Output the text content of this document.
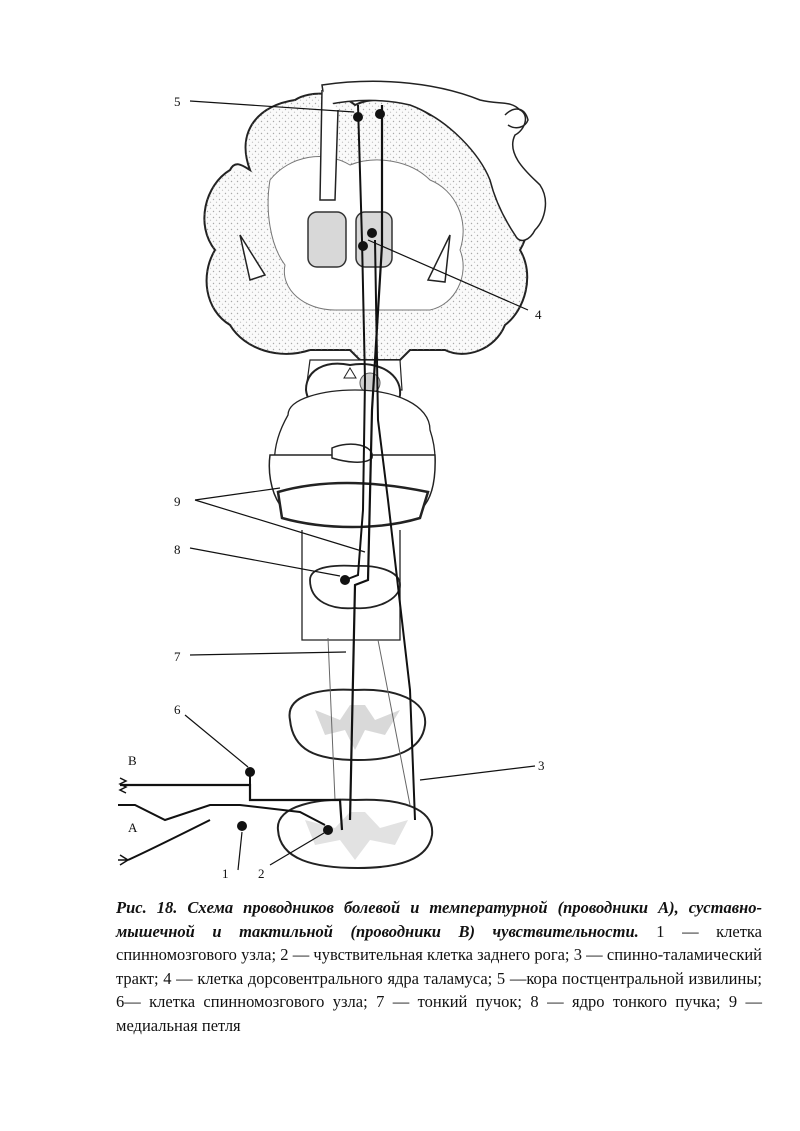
5
4
9
8
7
6
3
B
A
1 2
Рис. 18. Схема проводников болевой и температурной (проводники А), суставно-мышечной и тактильной (проводники В) чувствительности. 1 — клетка спинномозгового узла; 2 — чувствительная клетка заднего рога; 3 — спинно-таламический тракт; 4 — клетка дорсовентрального ядра таламуса; 5 —кора постцентральной извилины; 6— клетка спинномозгового узла; 7 — тонкий пучок; 8 — ядро тонкого пучка; 9 — медиальная петля
